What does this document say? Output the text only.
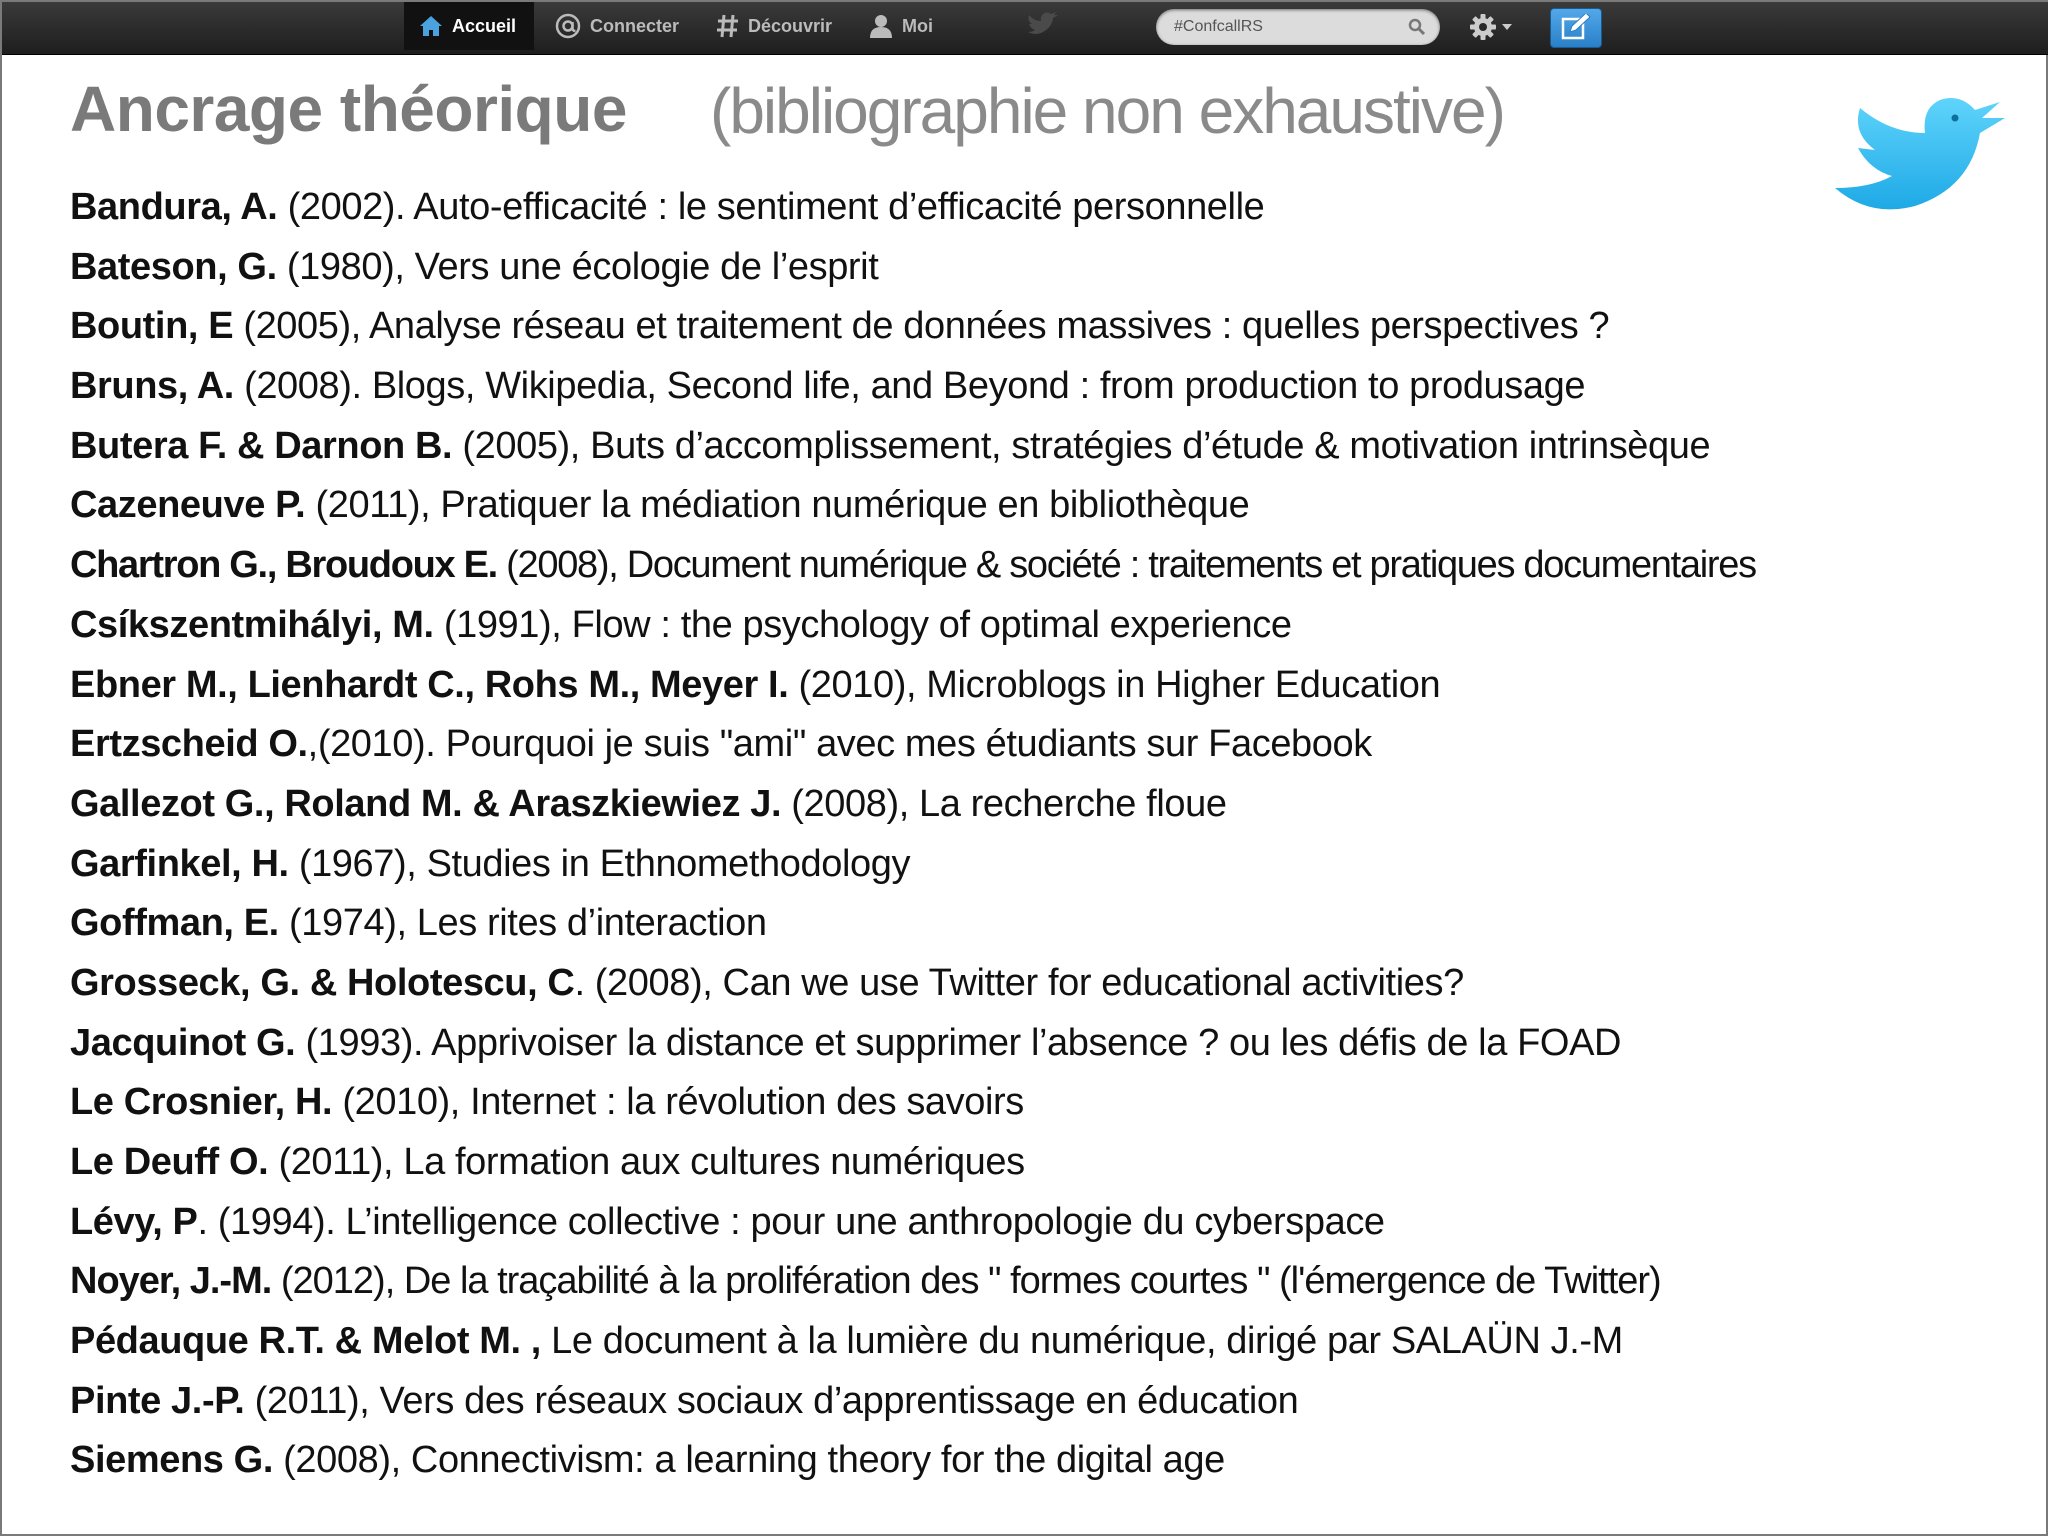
Accueil	Connecter	Découvrir	Moi
#ConfcallRS
Ancrage théorique (bibliographie non exhaustive)
Bandura, A. (2002). Auto-efficacité : le sentiment d’efficacité personnelle
Bateson, G. (1980), Vers une écologie de l’esprit
Boutin, E (2005), Analyse réseau et traitement de données massives : quelles perspectives ?
Bruns, A. (2008). Blogs, Wikipedia, Second life, and Beyond : from production to produsage
Butera F. & Darnon B. (2005), Buts d’accomplissement, stratégies d’étude & motivation intrinsèque
Cazeneuve P. (2011), Pratiquer la médiation numérique en bibliothèque
Chartron G., Broudoux E. (2008), Document numérique & société : traitements et pratiques documentaires
Csíkszentmihályi, M. (1991), Flow : the psychology of optimal experience
Ebner M., Lienhardt C., Rohs M., Meyer I. (2010), Microblogs in Higher Education
Ertzscheid O.,(2010). Pourquoi je suis "ami" avec mes étudiants sur Facebook
Gallezot G., Roland M. & Araszkiewiez J. (2008), La recherche floue
Garfinkel, H. (1967), Studies in Ethnomethodology
Goffman, E. (1974), Les rites d’interaction
Grosseck, G. & Holotescu, C. (2008), Can we use Twitter for educational activities?
Jacquinot G. (1993). Apprivoiser la distance et supprimer l’absence ? ou les défis de la FOAD
Le Crosnier, H. (2010), Internet : la révolution des savoirs
Le Deuff O. (2011), La formation aux cultures numériques
Lévy, P. (1994). L’intelligence collective : pour une anthropologie du cyberspace
Noyer, J.-M. (2012), De la traçabilité à la prolifération des " formes courtes " (l'émergence de Twitter)
Pédauque R.T. & Melot M. , Le document à la lumière du numérique, dirigé par SALAÜN J.-M
Pinte J.-P. (2011), Vers des réseaux sociaux d’apprentissage en éducation
Siemens G. (2008), Connectivism: a learning theory for the digital age
